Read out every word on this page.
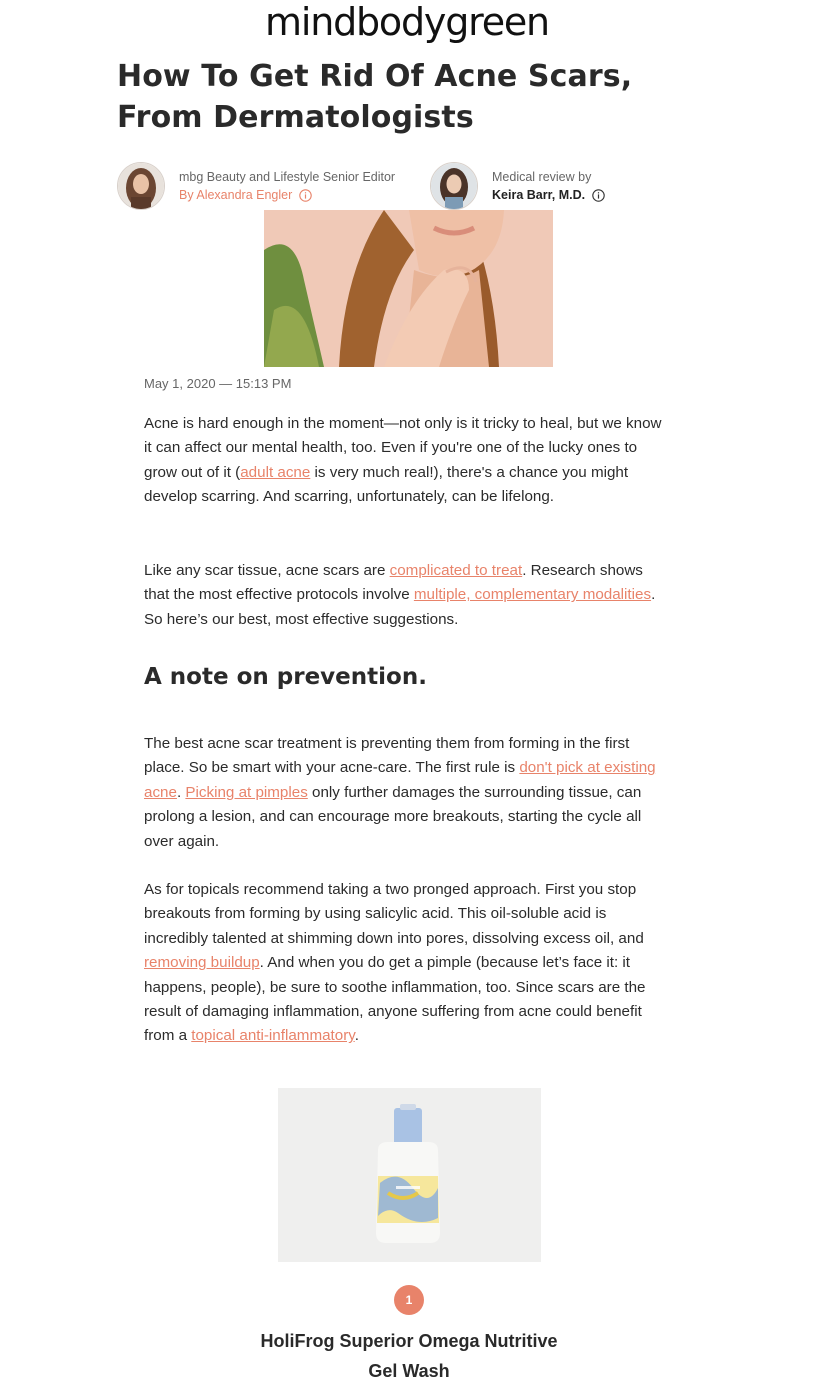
mindbodygreen
How To Get Rid Of Acne Scars, From Dermatologists
mbg Beauty and Lifestyle Senior Editor
By Alexandra Engler
Medical review by
Keira Barr, M.D.
May 1, 2020 — 15:13 PM

Acne is hard enough in the moment—not only is it tricky to heal, but we know it can affect our mental health, too. Even if you're one of the lucky ones to grow out of it (adult acne is very much real!), there's a chance you might develop scarring. And scarring, unfortunately, can be lifelong.

Like any scar tissue, acne scars are complicated to treat. Research shows that the most effective protocols involve multiple, complementary modalities. So here’s our best, most effective suggestions.

A note on prevention.

The best acne scar treatment is preventing them from forming in the first place. So be smart with your acne-care. The first rule is don't pick at existing acne. Picking at pimples only further damages the surrounding tissue, can prolong a lesion, and can encourage more breakouts, starting the cycle all over again.

As for topicals recommend taking a two pronged approach. First you stop breakouts from forming by using salicylic acid. This oil-soluble acid is incredibly talented at shimming down into pores, dissolving excess oil, and removing buildup. And when you do get a pimple (because let’s face it: it happens, people), be sure to soothe inflammation, too. Since scars are the result of damaging inflammation, anyone suffering from acne could benefit from a topical anti-inflammatory.

1
HoliFrog Superior Omega Nutritive Gel Wash
